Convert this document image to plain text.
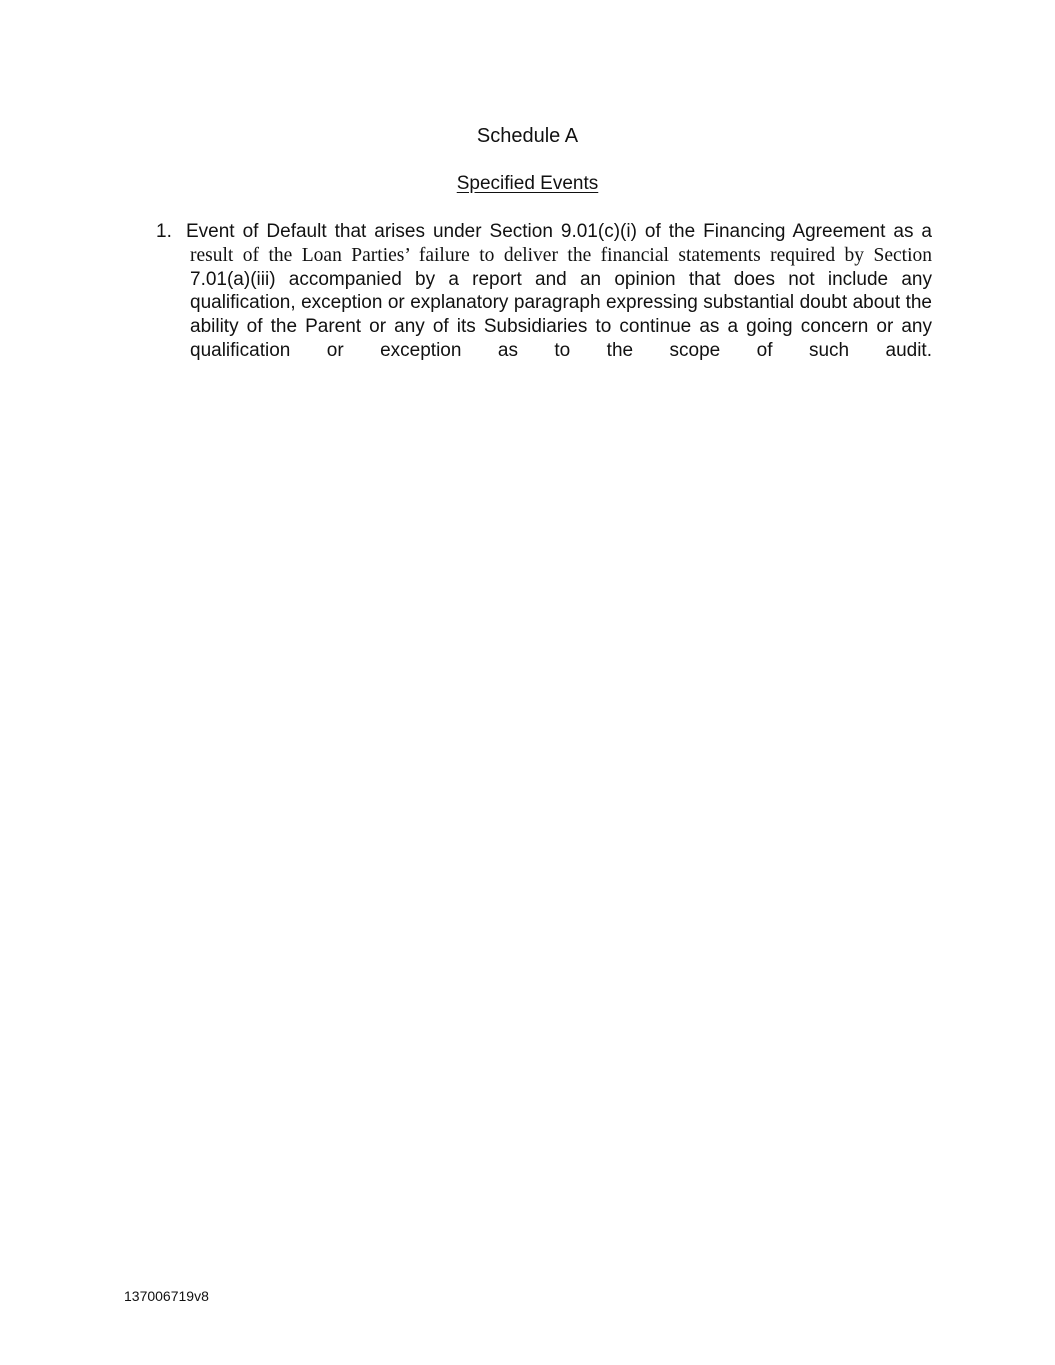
Schedule A
Specified Events
1. Event of Default that arises under Section 9.01(c)(i) of the Financing Agreement as a result of the Loan Parties’ failure to deliver the financial statements required by Section 7.01(a)(iii) accompanied by a report and an opinion that does not include any qualification, exception or explanatory paragraph expressing substantial doubt about the ability of the Parent or any of its Subsidiaries to continue as a going concern or any qualification or exception as to the scope of such audit.
137006719v8
